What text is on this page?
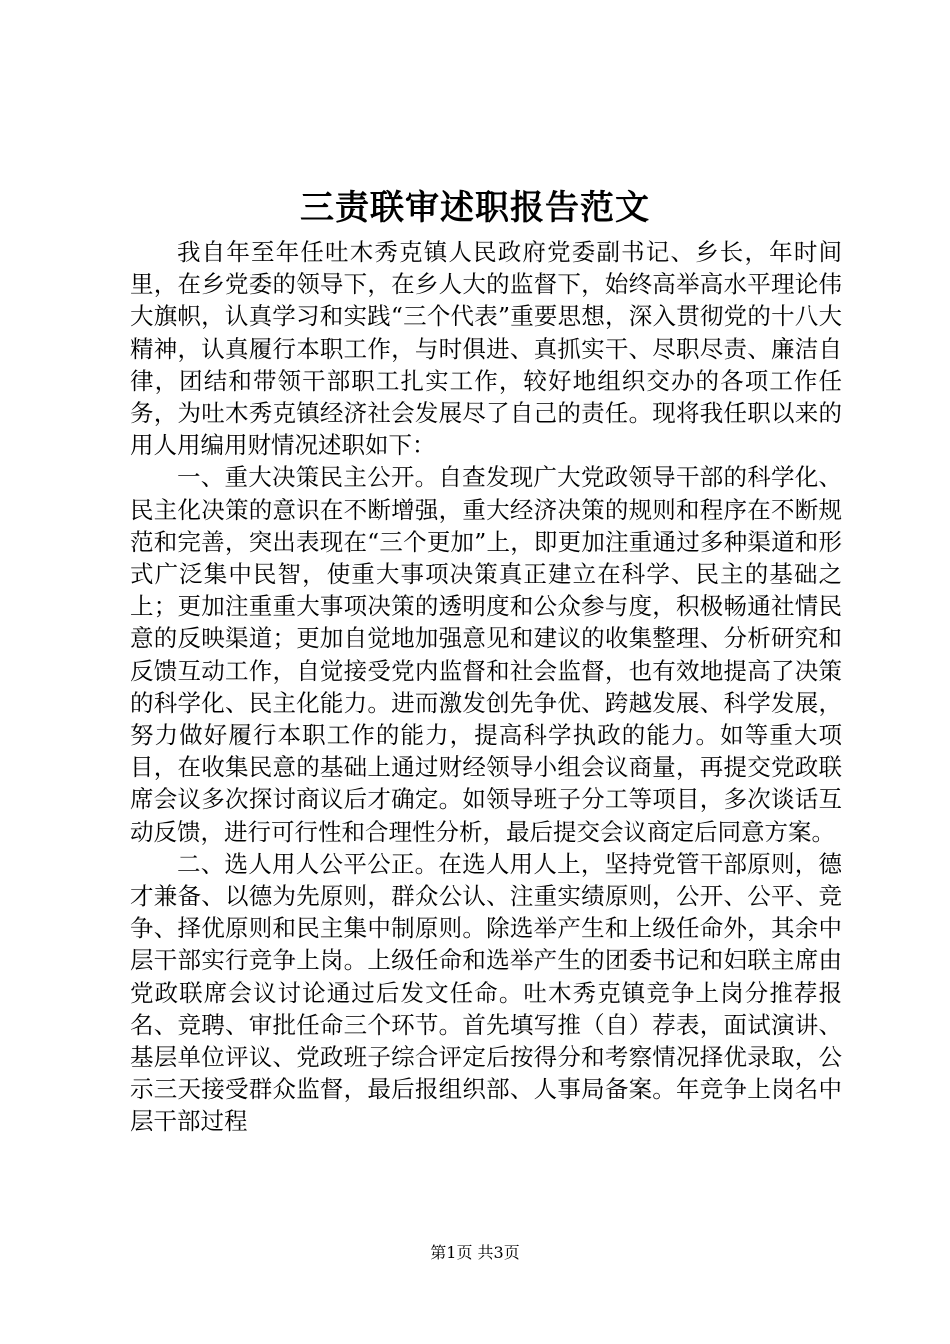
三责联审述职报告范文

我自年至年任吐木秀克镇人民政府党委副书记、乡长，年时间里，在乡党委的领导下，在乡人大的监督下，始终高举高水平理论伟大旗帜，认真学习和实践“三个代表”重要思想，深入贯彻党的十八大精神，认真履行本职工作，与时俱进、真抓实干、尽职尽责、廉洁自律，团结和带领干部职工扎实工作，较好地组织交办的各项工作任务，为吐木秀克镇经济社会发展尽了自己的责任。现将我任职以来的用人用编用财情况述职如下：

一、重大决策民主公开。自查发现广大党政领导干部的科学化、民主化决策的意识在不断增强，重大经济决策的规则和程序在不断规范和完善，突出表现在“三个更加”上，即更加注重通过多种渠道和形式广泛集中民智，使重大事项决策真正建立在科学、民主的基础之上；更加注重重大事项决策的透明度和公众参与度，积极畅通社情民意的反映渠道；更加自觉地加强意见和建议的收集整理、分析研究和反馈互动工作，自觉接受党内监督和社会监督，也有效地提高了决策的科学化、民主化能力。进而激发创先争优、跨越发展、科学发展，努力做好履行本职工作的能力，提高科学执政的能力。如等重大项目，在收集民意的基础上通过财经领导小组会议商量，再提交党政联席会议多次探讨商议后才确定。如领导班子分工等项目，多次谈话互动反馈，进行可行性和合理性分析，最后提交会议商定后同意方案。

二、选人用人公平公正。在选人用人上，坚持党管干部原则，德才兼备、以德为先原则，群众公认、注重实绩原则，公开、公平、竞争、择优原则和民主集中制原则。除选举产生和上级任命外，其余中层干部实行竞争上岗。上级任命和选举产生的团委书记和妇联主席由党政联席会议讨论通过后发文任命。吐木秀克镇竞争上岗分推荐报名、竞聘、审批任命三个环节。首先填写推（自）荐表，面试演讲、基层单位评议、党政班子综合评定后按得分和考察情况择优录取，公示三天接受群众监督，最后报组织部、人事局备案。年竞争上岗名中层干部过程

第1页 共3页
